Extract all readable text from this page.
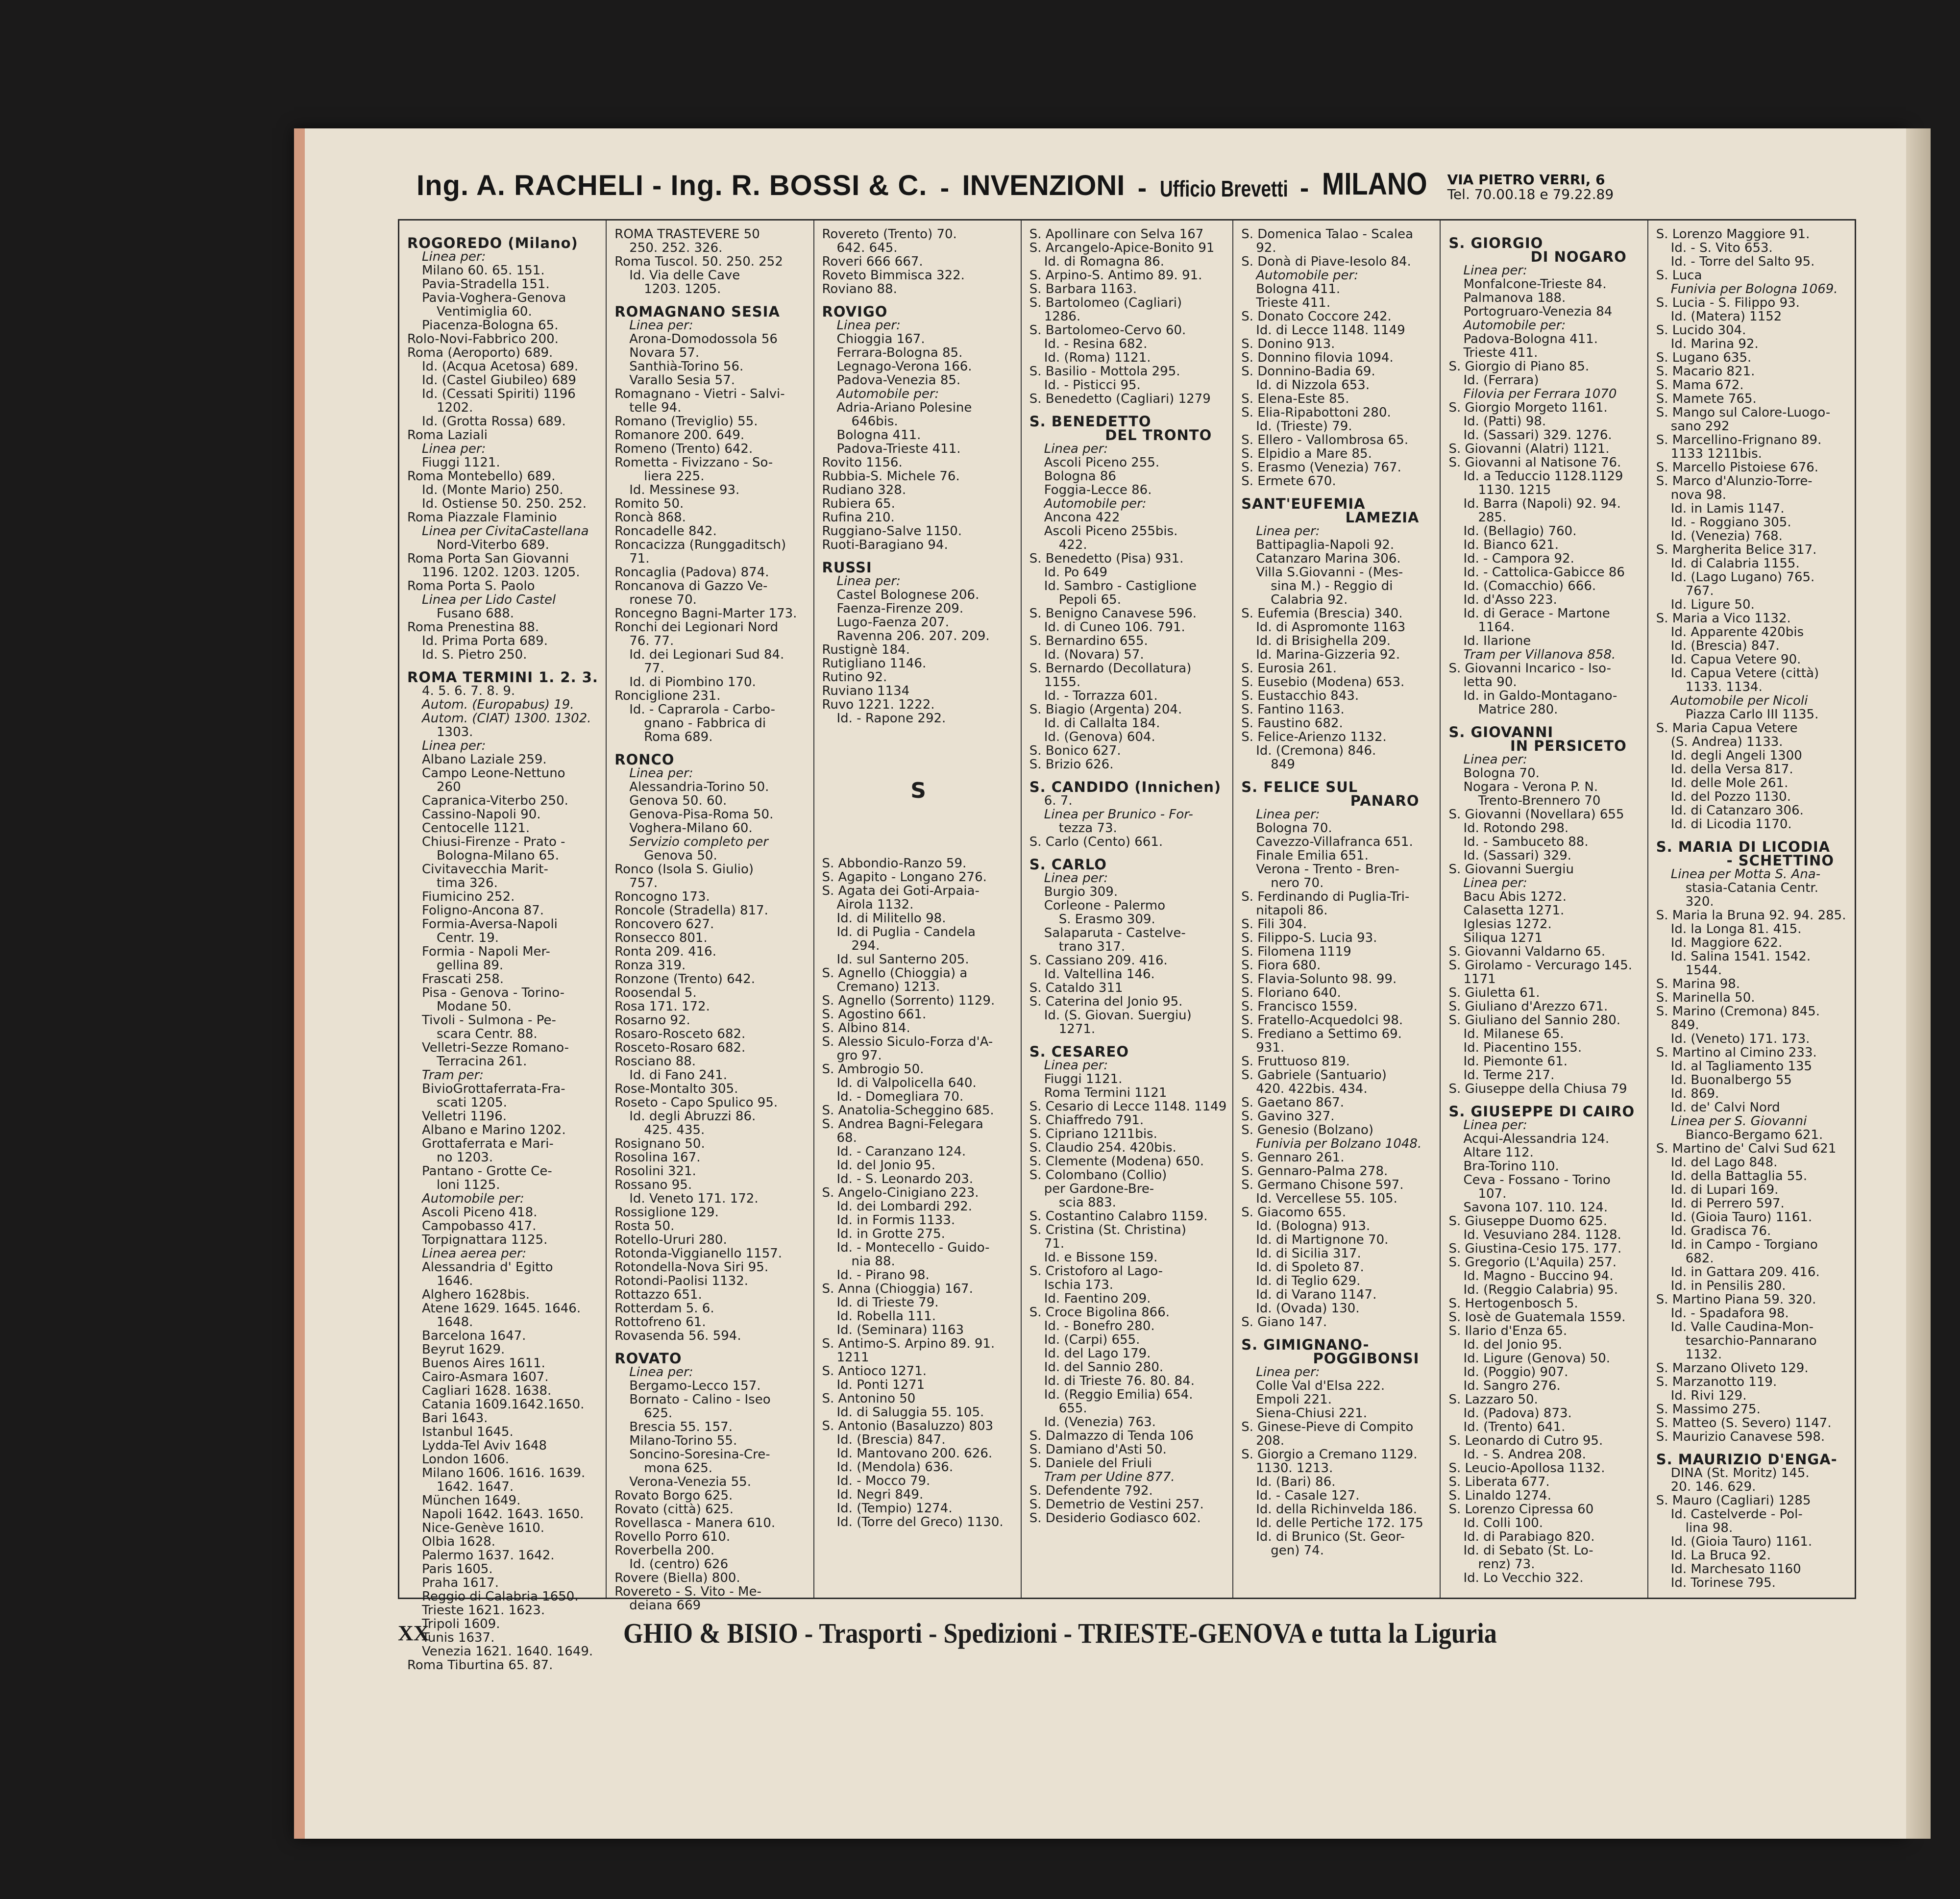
Ing. A. RACHELI - Ing. R. BOSSI & C. - INVENZIONI - Ufficio Brevetti - MILANO VIA PIETRO VERRI, 6
Tel. 70.00.18 e 79.22.89
ROGOREDO (Milano)
Linea per:
Milano 60. 65. 151.
Pavia-Stradella 151.
Pavia-Voghera-Genova
Ventimiglia 60.
Piacenza-Bologna 65.
Rolo-Novi-Fabbrico 200.
Roma (Aeroporto) 689.
Id. (Acqua Acetosa) 689.
Id. (Castel Giubileo) 689
Id. (Cessati Spiriti) 1196
1202.
Id. (Grotta Rossa) 689.
Roma Laziali
Linea per:
Fiuggi 1121.
Roma Montebello) 689.
Id. (Monte Mario) 250.
Id. Ostiense 50. 250. 252.
Roma Piazzale Flaminio
Linea per CivitaCastellana
Nord-Viterbo 689.
Roma Porta San Giovanni
1196. 1202. 1203. 1205.
Roma Porta S. Paolo
Linea per Lido Castel
Fusano 688.
Roma Prenestina 88.
Id. Prima Porta 689.
Id. S. Pietro 250.
ROMA TERMINI 1. 2. 3.
4. 5. 6. 7. 8. 9.
Autom. (Europabus) 19.
Autom. (CIAT) 1300. 1302.
1303.
Linea per:
Albano Laziale 259.
Campo Leone-Nettuno
260
Capranica-Viterbo 250.
Cassino-Napoli 90.
Centocelle 1121.
Chiusi-Firenze - Prato -
Bologna-Milano 65.
Civitavecchia Marit-
tima 326.
Fiumicino 252.
Foligno-Ancona 87.
Formia-Aversa-Napoli
Centr. 19.
Formia - Napoli Mer-
gellina 89.
Frascati 258.
Pisa - Genova - Torino-
Modane 50.
Tivoli - Sulmona - Pe-
scara Centr. 88.
Velletri-Sezze Romano-
Terracina 261.
Tram per:
BivioGrottaferrata-Fra-
scati 1205.
Velletri 1196.
Albano e Marino 1202.
Grottaferrata e Mari-
no 1203.
Pantano - Grotte Ce-
loni 1125.
Automobile per:
Ascoli Piceno 418.
Campobasso 417.
Torpignattara 1125.
Linea aerea per:
Alessandria d' Egitto
1646.
Alghero 1628bis.
Atene 1629. 1645. 1646.
1648.
Barcelona 1647.
Beyrut 1629.
Buenos Aires 1611.
Cairo-Asmara 1607.
Cagliari 1628. 1638.
Catania 1609.1642.1650.
Bari 1643.
Istanbul 1645.
Lydda-Tel Aviv 1648
London 1606.
Milano 1606. 1616. 1639.
1642. 1647.
München 1649.
Napoli 1642. 1643. 1650.
Nice-Genève 1610.
Olbia 1628.
Palermo 1637. 1642.
Paris 1605.
Praha 1617.
Reggio di Calabria 1650.
Trieste 1621. 1623.
Tripoli 1609.
Tunis 1637.
Venezia 1621. 1640. 1649.
Roma Tiburtina 65. 87.
ROMA TRASTEVERE 50
250. 252. 326.
Roma Tuscol. 50. 250. 252
Id. Via delle Cave
1203. 1205.
ROMAGNANO SESIA
Linea per:
Arona-Domodossola 56
Novara 57.
Santhià-Torino 56.
Varallo Sesia 57.
Romagnano - Vietri - Salvi-
telle 94.
Romano (Treviglio) 55.
Romanore 200. 649.
Romeno (Trento) 642.
Rometta - Fivizzano - So-
liera 225.
Id. Messinese 93.
Romito 50.
Roncà 868.
Roncadelle 842.
Roncacizza (Runggaditsch)
71.
Roncaglia (Padova) 874.
Roncanova di Gazzo Ve-
ronese 70.
Roncegno Bagni-Marter 173.
Ronchi dei Legionari Nord
76. 77.
Id. dei Legionari Sud 84.
77.
Id. di Piombino 170.
Ronciglione 231.
Id. - Caprarola - Carbo-
gnano - Fabbrica di
Roma 689.
RONCO
Linea per:
Alessandria-Torino 50.
Genova 50. 60.
Genova-Pisa-Roma 50.
Voghera-Milano 60.
Servizio completo per
Genova 50.
Ronco (Isola S. Giulio)
757.
Roncogno 173.
Roncole (Stradella) 817.
Roncovero 627.
Ronsecco 801.
Ronta 209. 416.
Ronza 319.
Ronzone (Trento) 642.
Roosendal 5.
Rosa 171. 172.
Rosarno 92.
Rosaro-Rosceto 682.
Rosceto-Rosaro 682.
Rosciano 88.
Id. di Fano 241.
Rose-Montalto 305.
Roseto - Capo Spulico 95.
Id. degli Abruzzi 86.
425. 435.
Rosignano 50.
Rosolina 167.
Rosolini 321.
Rossano 95.
Id. Veneto 171. 172.
Rossiglione 129.
Rosta 50.
Rotello-Ururi 280.
Rotonda-Viggianello 1157.
Rotondella-Nova Siri 95.
Rotondi-Paolisi 1132.
Rottazzo 651.
Rotterdam 5. 6.
Rottofreno 61.
Rovasenda 56. 594.
ROVATO
Linea per:
Bergamo-Lecco 157.
Bornato - Calino - Iseo
625.
Brescia 55. 157.
Milano-Torino 55.
Soncino-Soresina-Cre-
mona 625.
Verona-Venezia 55.
Rovato Borgo 625.
Rovato (città) 625.
Rovellasca - Manera 610.
Rovello Porro 610.
Roverbella 200.
Id. (centro) 626
Rovere (Biella) 800.
Rovereto - S. Vito - Me-
deiana 669
Rovereto (Trento) 70.
642. 645.
Roveri 666 667.
Roveto Bimmisca 322.
Roviano 88.
ROVIGO
Linea per:
Chioggia 167.
Ferrara-Bologna 85.
Legnago-Verona 166.
Padova-Venezia 85.
Automobile per:
Adria-Ariano Polesine
646bis.
Bologna 411.
Padova-Trieste 411.
Rovito 1156.
Rubbia-S. Michele 76.
Rudiano 328.
Rubiera 65.
Rufina 210.
Ruggiano-Salve 1150.
Ruoti-Baragiano 94.
RUSSI
Linea per:
Castel Bolognese 206.
Faenza-Firenze 209.
Lugo-Faenza 207.
Ravenna 206. 207. 209.
Rustignè 184.
Rutigliano 1146.
Rutino 92.
Ruviano 1134
Ruvo 1221. 1222.
Id. - Rapone 292.
S
S. Abbondio-Ranzo 59.
S. Agapito - Longano 276.
S. Agata dei Goti-Arpaia-
Airola 1132.
Id. di Militello 98.
Id. di Puglia - Candela
294.
Id. sul Santerno 205.
S. Agnello (Chioggia) a
Cremano) 1213.
S. Agnello (Sorrento) 1129.
S. Agostino 661.
S. Albino 814.
S. Alessio Siculo-Forza d'A-
gro 97.
S. Ambrogio 50.
Id. di Valpolicella 640.
Id. - Domegliara 70.
S. Anatolia-Scheggino 685.
S. Andrea Bagni-Felegara
68.
Id. - Caranzano 124.
Id. del Jonio 95.
Id. - S. Leonardo 203.
S. Angelo-Cinigiano 223.
Id. dei Lombardi 292.
Id. in Formis 1133.
Id. in Grotte 275.
Id. - Montecello - Guido-
nia 88.
Id. - Pirano 98.
S. Anna (Chioggia) 167.
Id. di Trieste 79.
Id. Robella 111.
Id. (Seminara) 1163
S. Antimo-S. Arpino 89. 91.
1211
S. Antioco 1271.
Id. Ponti 1271
S. Antonino 50
Id. di Saluggia 55. 105.
S. Antonio (Basaluzzo) 803
Id. (Brescia) 847.
Id. Mantovano 200. 626.
Id. (Mendola) 636.
Id. - Mocco 79.
Id. Negri 849.
Id. (Tempio) 1274.
Id. (Torre del Greco) 1130.
S. Apollinare con Selva 167
S. Arcangelo-Apice-Bonito 91
Id. di Romagna 86.
S. Arpino-S. Antimo 89. 91.
S. Barbara 1163.
S. Bartolomeo (Cagliari)
1286.
S. Bartolomeo-Cervo 60.
Id. - Resina 682.
Id. (Roma) 1121.
S. Basilio - Mottola 295.
Id. - Pisticci 95.
S. Benedetto (Cagliari) 1279
S. BENEDETTO
DEL TRONTO
Linea per:
Ascoli Piceno 255.
Bologna 86
Foggia-Lecce 86.
Automobile per:
Ancona 422
Ascoli Piceno 255bis.
422.
S. Benedetto (Pisa) 931.
Id. Po 649
Id. Sambro - Castiglione
Pepoli 65.
S. Benigno Canavese 596.
Id. di Cuneo 106. 791.
S. Bernardino 655.
Id. (Novara) 57.
S. Bernardo (Decollatura)
1155.
Id. - Torrazza 601.
S. Biagio (Argenta) 204.
Id. di Callalta 184.
Id. (Genova) 604.
S. Bonico 627.
S. Brizio 626.
S. CANDIDO (Innichen)
6. 7.
Linea per Brunico - For-
tezza 73.
S. Carlo (Cento) 661.
S. CARLO
Linea per:
Burgio 309.
Corleone - Palermo
S. Erasmo 309.
Salaparuta - Castelve-
trano 317.
S. Cassiano 209. 416.
Id. Valtellina 146.
S. Cataldo 311
S. Caterina del Jonio 95.
Id. (S. Giovan. Suergiu)
1271.
S. CESAREO
Linea per:
Fiuggi 1121.
Roma Termini 1121
S. Cesario di Lecce 1148. 1149
S. Chiaffredo 791.
S. Cipriano 1211bis.
S. Claudio 254. 420bis.
S. Clemente (Modena) 650.
S. Colombano (Collio)
per Gardone-Bre-
scia 883.
S. Costantino Calabro 1159.
S. Cristina (St. Christina)
71.
Id. e Bissone 159.
S. Cristoforo al Lago-
Ischia 173.
Id. Faentino 209.
S. Croce Bigolina 866.
Id. - Bonefro 280.
Id. (Carpi) 655.
Id. del Lago 179.
Id. del Sannio 280.
Id. di Trieste 76. 80. 84.
Id. (Reggio Emilia) 654.
655.
Id. (Venezia) 763.
S. Dalmazzo di Tenda 106
S. Damiano d'Asti 50.
S. Daniele del Friuli
Tram per Udine 877.
S. Defendente 792.
S. Demetrio de Vestini 257.
S. Desiderio Godiasco 602.
S. Domenica Talao - Scalea
92.
S. Donà di Piave-Iesolo 84.
Automobile per:
Bologna 411.
Trieste 411.
S. Donato Coccore 242.
Id. di Lecce 1148. 1149
S. Donino 913.
S. Donnino filovia 1094.
S. Donnino-Badia 69.
Id. di Nizzola 653.
S. Elena-Este 85.
S. Elia-Ripabottoni 280.
Id. (Trieste) 79.
S. Ellero - Vallombrosa 65.
S. Elpidio a Mare 85.
S. Erasmo (Venezia) 767.
S. Ermete 670.
SANT'EUFEMIA
LAMEZIA
Linea per:
Battipaglia-Napoli 92.
Catanzaro Marina 306.
Villa S.Giovanni - (Mes-
sina M.) - Reggio di
Calabria 92.
S. Eufemia (Brescia) 340.
Id. di Aspromonte 1163
Id. di Brisighella 209.
Id. Marina-Gizzeria 92.
S. Eurosia 261.
S. Eusebio (Modena) 653.
S. Eustacchio 843.
S. Fantino 1163.
S. Faustino 682.
S. Felice-Arienzo 1132.
Id. (Cremona) 846.
849
S. FELICE SUL
PANARO
Linea per:
Bologna 70.
Cavezzo-Villafranca 651.
Finale Emilia 651.
Verona - Trento - Bren-
nero 70.
S. Ferdinando di Puglia-Tri-
nitapoli 86.
S. Fili 304.
S. Filippo-S. Lucia 93.
S. Filomena 1119
S. Fiora 680.
S. Flavia-Solunto 98. 99.
S. Floriano 640.
S. Francisco 1559.
S. Fratello-Acquedolci 98.
S. Frediano a Settimo 69.
931.
S. Fruttuoso 819.
S. Gabriele (Santuario)
420. 422bis. 434.
S. Gaetano 867.
S. Gavino 327.
S. Genesio (Bolzano)
Funivia per Bolzano 1048.
S. Gennaro 261.
S. Gennaro-Palma 278.
S. Germano Chisone 597.
Id. Vercellese 55. 105.
S. Giacomo 655.
Id. (Bologna) 913.
Id. di Martignone 70.
Id. di Sicilia 317.
Id. di Spoleto 87.
Id. di Teglio 629.
Id. di Varano 1147.
Id. (Ovada) 130.
S. Giano 147.
S. GIMIGNANO-
POGGIBONSI
Linea per:
Colle Val d'Elsa 222.
Empoli 221.
Siena-Chiusi 221.
S. Ginese-Pieve di Compito
208.
S. Giorgio a Cremano 1129.
1130. 1213.
Id. (Bari) 86.
Id. - Casale 127.
Id. della Richinvelda 186.
Id. delle Pertiche 172. 175
Id. di Brunico (St. Geor-
gen) 74.
S. GIORGIO
DI NOGARO
Linea per:
Monfalcone-Trieste 84.
Palmanova 188.
Portogruaro-Venezia 84
Automobile per:
Padova-Bologna 411.
Trieste 411.
S. Giorgio di Piano 85.
Id. (Ferrara)
Filovia per Ferrara 1070
S. Giorgio Morgeto 1161.
Id. (Patti) 98.
Id. (Sassari) 329. 1276.
S. Giovanni (Alatri) 1121.
S. Giovanni al Natisone 76.
Id. a Teduccio 1128.1129
1130. 1215
Id. Barra (Napoli) 92. 94.
285.
Id. (Bellagio) 760.
Id. Bianco 621.
Id. - Campora 92.
Id. - Cattolica-Gabicce 86
Id. (Comacchio) 666.
Id. d'Asso 223.
Id. di Gerace - Martone
1164.
Id. Ilarione
Tram per Villanova 858.
S. Giovanni Incarico - Iso-
letta 90.
Id. in Galdo-Montagano-
Matrice 280.
S. GIOVANNI
IN PERSICETO
Linea per:
Bologna 70.
Nogara - Verona P. N.
Trento-Brennero 70
S. Giovanni (Novellara) 655
Id. Rotondo 298.
Id. - Sambuceto 88.
Id. (Sassari) 329.
S. Giovanni Suergiu
Linea per:
Bacu Abis 1272.
Calasetta 1271.
Iglesias 1272.
Siliqua 1271
S. Giovanni Valdarno 65.
S. Girolamo - Vercurago 145.
1171
S. Giuletta 61.
S. Giuliano d'Arezzo 671.
S. Giuliano del Sannio 280.
Id. Milanese 65.
Id. Piacentino 155.
Id. Piemonte 61.
Id. Terme 217.
S. Giuseppe della Chiusa 79
S. GIUSEPPE DI CAIRO
Linea per:
Acqui-Alessandria 124.
Altare 112.
Bra-Torino 110.
Ceva - Fossano - Torino
107.
Savona 107. 110. 124.
S. Giuseppe Duomo 625.
Id. Vesuviano 284. 1128.
S. Giustina-Cesio 175. 177.
S. Gregorio (L'Aquila) 257.
Id. Magno - Buccino 94.
Id. (Reggio Calabria) 95.
S. Hertogenbosch 5.
S. Iosè de Guatemala 1559.
S. Ilario d'Enza 65.
Id. del Jonio 95.
Id. Ligure (Genova) 50.
Id. (Poggio) 907.
Id. Sangro 276.
S. Lazzaro 50.
Id. (Padova) 873.
Id. (Trento) 641.
S. Leonardo di Cutro 95.
Id. - S. Andrea 208.
S. Leucio-Apollosa 1132.
S. Liberata 677.
S. Linaldo 1274.
S. Lorenzo Cipressa 60
Id. Colli 100.
Id. di Parabiago 820.
Id. di Sebato (St. Lo-
renz) 73.
Id. Lo Vecchio 322.
S. Lorenzo Maggiore 91.
Id. - S. Vito 653.
Id. - Torre del Salto 95.
S. Luca
Funivia per Bologna 1069.
S. Lucia - S. Filippo 93.
Id. (Matera) 1152
S. Lucido 304.
Id. Marina 92.
S. Lugano 635.
S. Macario 821.
S. Mama 672.
S. Mamete 765.
S. Mango sul Calore-Luogo-
sano 292
S. Marcellino-Frignano 89.
1133 1211bis.
S. Marcello Pistoiese 676.
S. Marco d'Alunzio-Torre-
nova 98.
Id. in Lamis 1147.
Id. - Roggiano 305.
Id. (Venezia) 768.
S. Margherita Belice 317.
Id. di Calabria 1155.
Id. (Lago Lugano) 765.
767.
Id. Ligure 50.
S. Maria a Vico 1132.
Id. Apparente 420bis
Id. (Brescia) 847.
Id. Capua Vetere 90.
Id. Capua Vetere (città)
1133. 1134.
Automobile per Nicoli
Piazza Carlo III 1135.
S. Maria Capua Vetere
(S. Andrea) 1133.
Id. degli Angeli 1300
Id. della Versa 817.
Id. delle Mole 261.
Id. del Pozzo 1130.
Id. di Catanzaro 306.
Id. di Licodia 1170.
S. MARIA DI LICODIA
- SCHETTINO
Linea per Motta S. Ana-
stasia-Catania Centr.
320.
S. Maria la Bruna 92. 94. 285.
Id. la Longa 81. 415.
Id. Maggiore 622.
Id. Salina 1541. 1542.
1544.
S. Marina 98.
S. Marinella 50.
S. Marino (Cremona) 845.
849.
Id. (Veneto) 171. 173.
S. Martino al Cimino 233.
Id. al Tagliamento 135
Id. Buonalbergo 55
Id. 869.
Id. de' Calvi Nord
Linea per S. Giovanni
Bianco-Bergamo 621.
S. Martino de' Calvi Sud 621
Id. del Lago 848.
Id. della Battaglia 55.
Id. di Lupari 169.
Id. di Perrero 597.
Id. (Gioia Tauro) 1161.
Id. Gradisca 76.
Id. in Campo - Torgiano
682.
Id. in Gattara 209. 416.
Id. in Pensilis 280.
S. Martino Piana 59. 320.
Id. - Spadafora 98.
Id. Valle Caudina-Mon-
tesarchio-Pannarano
1132.
S. Marzano Oliveto 129.
S. Marzanotto 119.
Id. Rivi 129.
S. Massimo 275.
S. Matteo (S. Severo) 1147.
S. Maurizio Canavese 598.
S. MAURIZIO D'ENGA-
DINA (St. Moritz) 145.
20. 146. 629.
S. Mauro (Cagliari) 1285
Id. Castelverde - Pol-
lina 98.
Id. (Gioia Tauro) 1161.
Id. La Bruca 92.
Id. Marchesato 1160
Id. Torinese 795.
XX	GHIO & BISIO - Trasporti - Spedizioni - TRIESTE-GENOVA e tutta la Liguria
